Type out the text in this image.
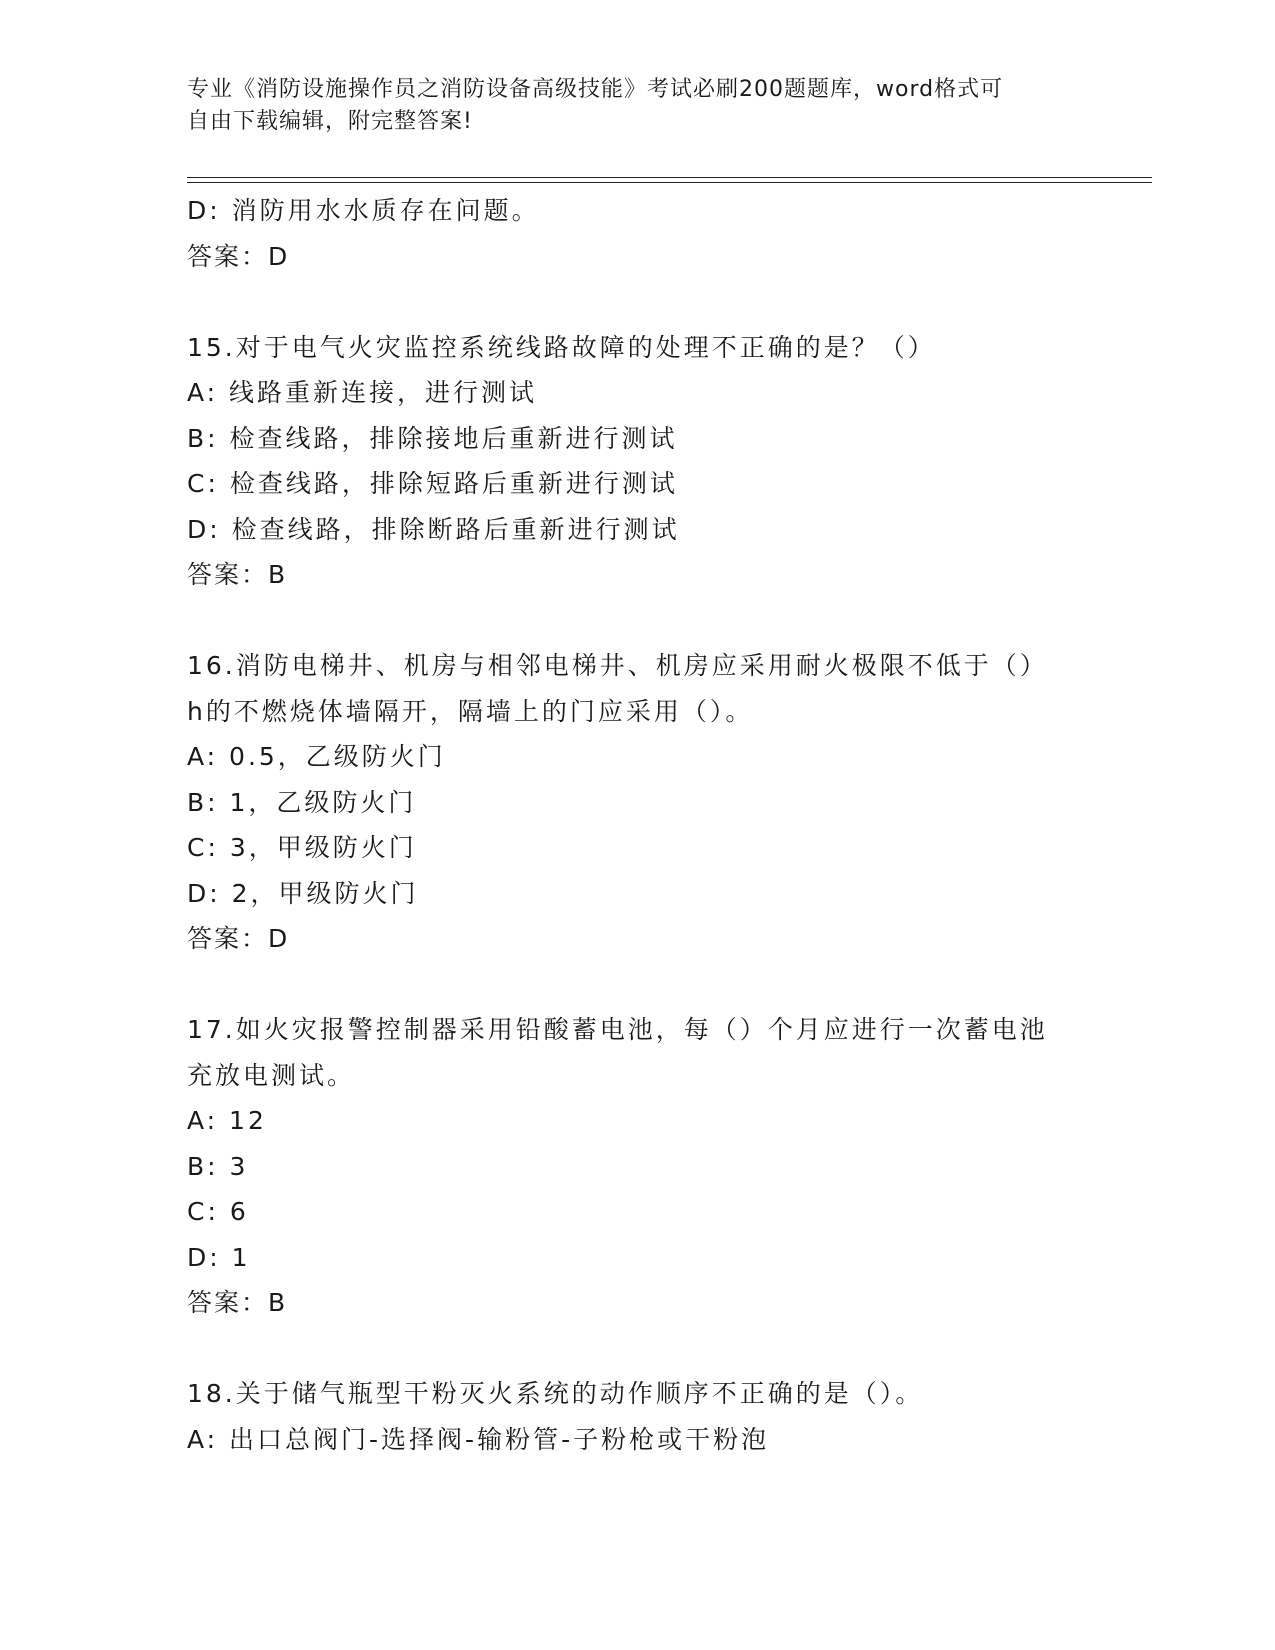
专业《消防设施操作员之消防设备高级技能》考试必刷200题题库，word格式可
自由下载编辑，附完整答案!
D: 消防用水水质存在问题。
答案：D
15.对于电气火灾监控系统线路故障的处理不正确的是？（）
A: 线路重新连接，进行测试
B: 检查线路，排除接地后重新进行测试
C: 检查线路，排除短路后重新进行测试
D: 检查线路，排除断路后重新进行测试
答案：B
16.消防电梯井、机房与相邻电梯井、机房应采用耐火极限不低于（）
h的不燃烧体墙隔开，隔墙上的门应采用（）。
A: 0.5，乙级防火门
B: 1，乙级防火门
C: 3，甲级防火门
D: 2，甲级防火门
答案：D
17.如火灾报警控制器采用铅酸蓄电池，每（）个月应进行一次蓄电池
充放电测试。
A: 12
B: 3
C: 6
D: 1
答案：B
18.关于储气瓶型干粉灭火系统的动作顺序不正确的是（）。
A: 出口总阀门-选择阀-输粉管-子粉枪或干粉泡
